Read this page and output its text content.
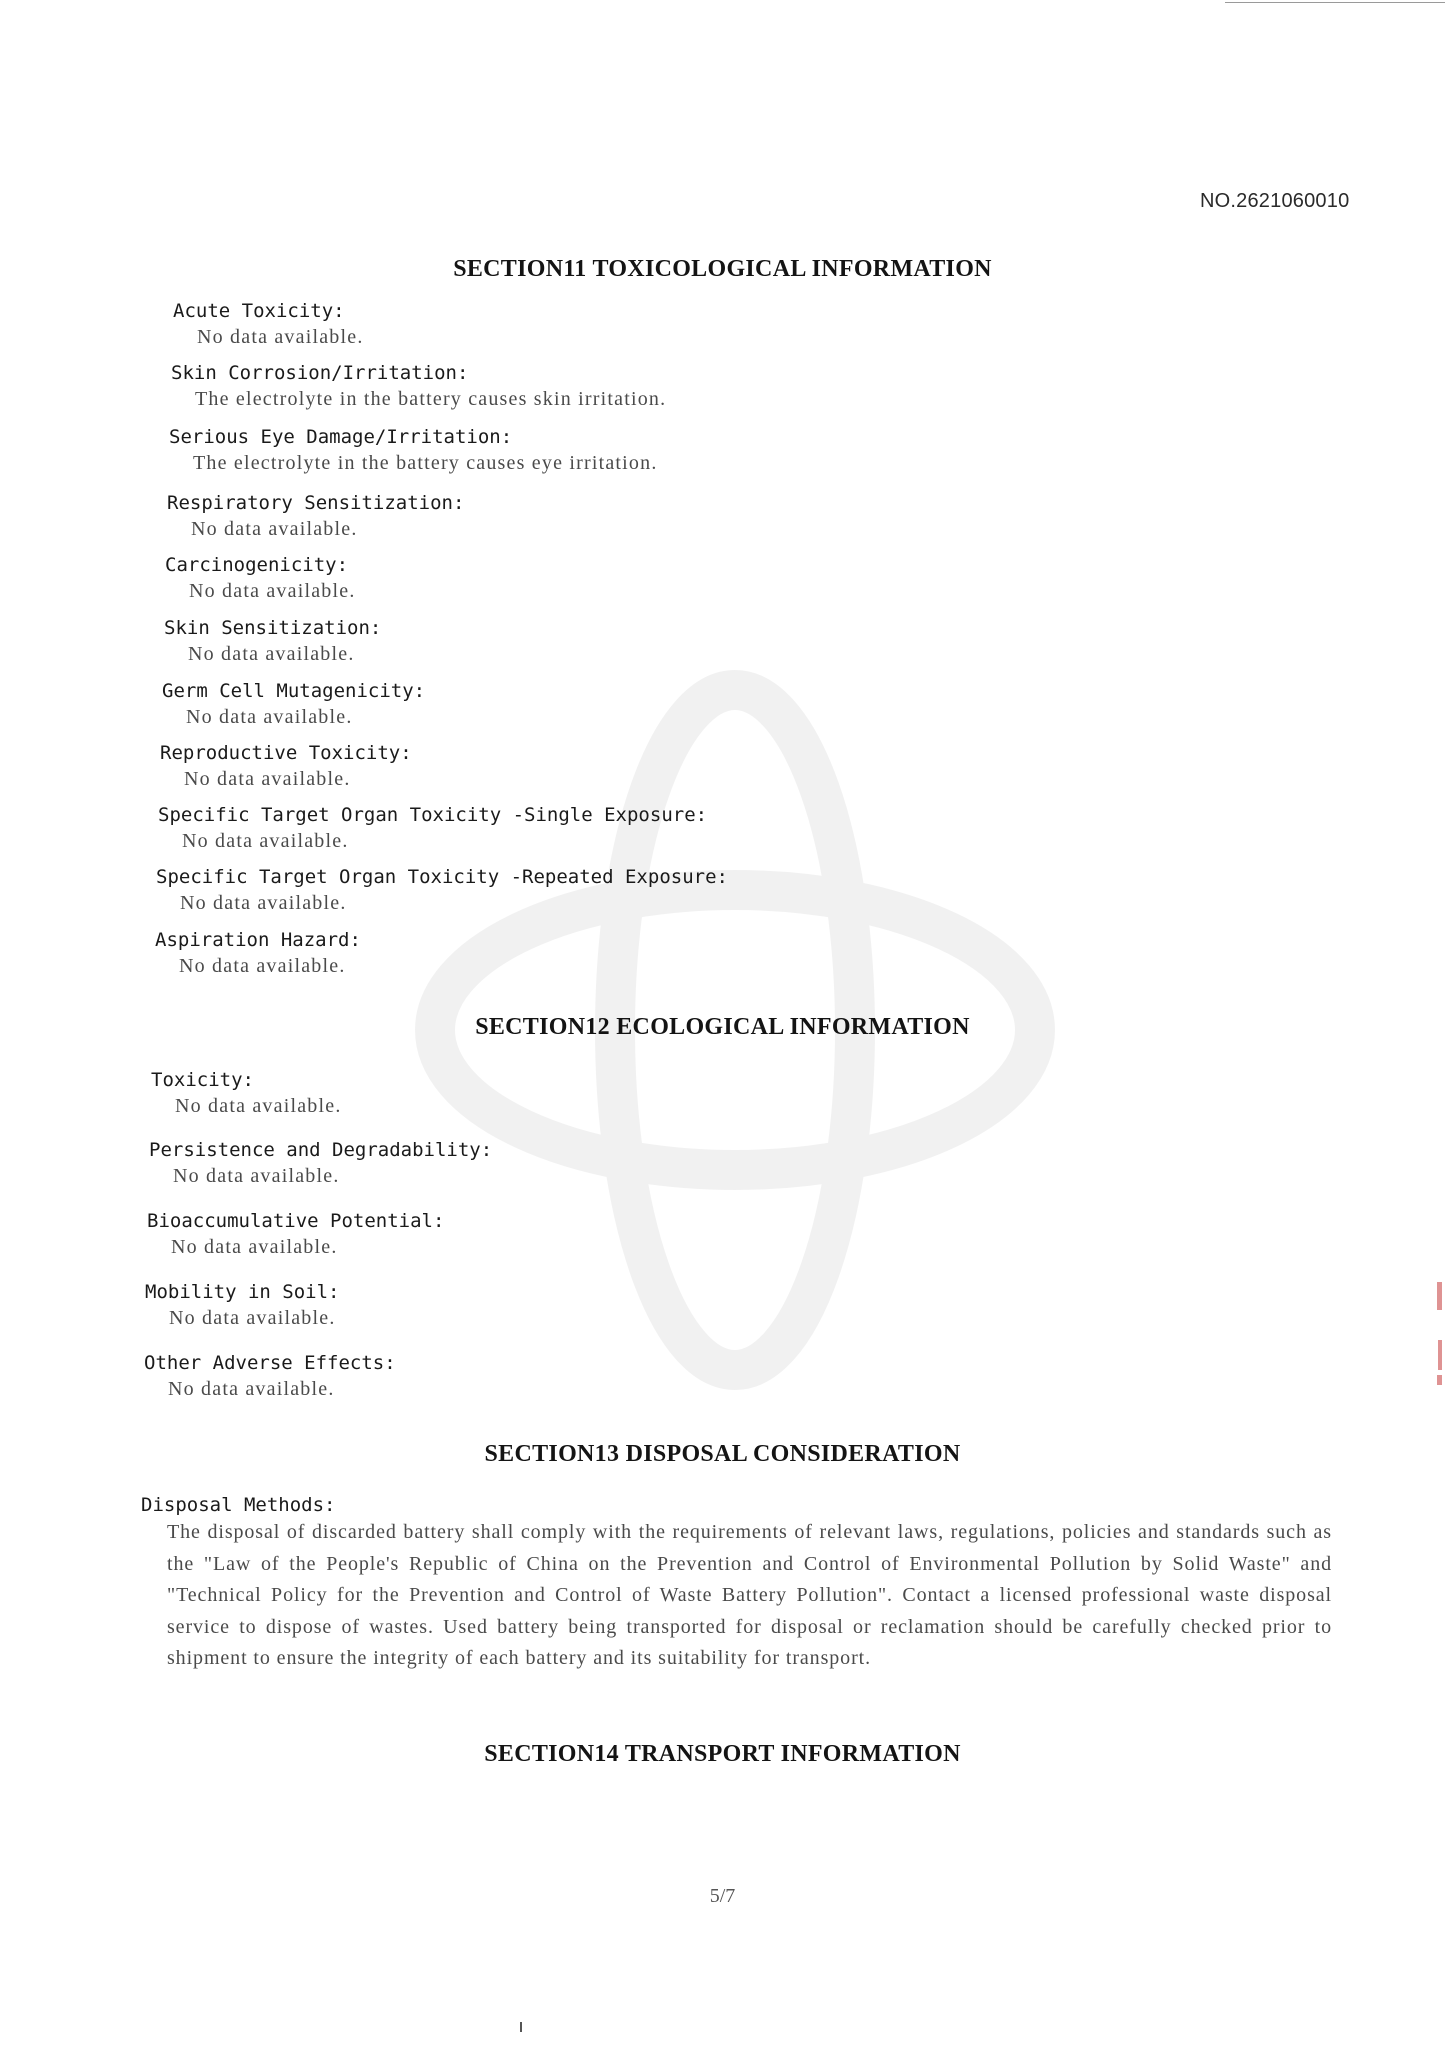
NO.2621060010
SECTION11 TOXICOLOGICAL INFORMATION
Acute Toxicity:
No data available.
Skin Corrosion/Irritation:
The electrolyte in the battery causes skin irritation.
Serious Eye Damage/Irritation:
The electrolyte in the battery causes eye irritation.
Respiratory Sensitization:
No data available.
Carcinogenicity:
No data available.
Skin Sensitization:
No data available.
Germ Cell Mutagenicity:
No data available.
Reproductive Toxicity:
No data available.
Specific Target Organ Toxicity -Single Exposure:
No data available.
Specific Target Organ Toxicity -Repeated Exposure:
No data available.
Aspiration Hazard:
No data available.
SECTION12 ECOLOGICAL INFORMATION
Toxicity:
No data available.
Persistence and Degradability:
No data available.
Bioaccumulative Potential:
No data available.
Mobility in Soil:
No data available.
Other Adverse Effects:
No data available.
SECTION13 DISPOSAL CONSIDERATION
Disposal Methods:

The disposal of discarded battery shall comply with the requirements of relevant laws, regulations, policies and standards such as the "Law of the People's Republic of China on the Prevention and Control of Environmental Pollution by Solid Waste" and "Technical Policy for the Prevention and Control of Waste Battery Pollution". Contact a licensed professional waste disposal service to dispose of wastes. Used battery being transported for disposal or reclamation should be carefully checked prior to shipment to ensure the integrity of each battery and its suitability for transport.

SECTION14 TRANSPORT INFORMATION
5/7
